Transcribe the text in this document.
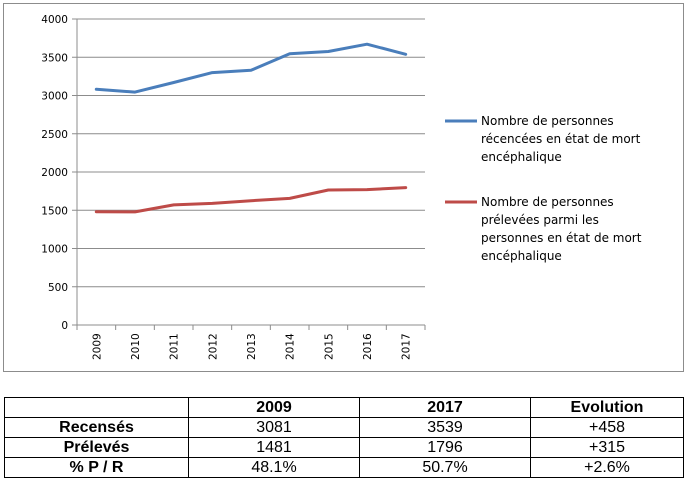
0
500
1000
1500
2000
2500
3000
3500
4000
2009	2010	2011	2012	2013	2014	2015	2016	2017
Nombre de personnes
récencées en état de mort
encéphalique
Nombre de personnes
prélevées parmi les
personnes en état de mort
encéphalique
	2009	2017	Evolution
Recensés	3081	3539	+458
Prélevés	1481	1796	+315
% P / R	48.1%	50.7%	+2.6%
